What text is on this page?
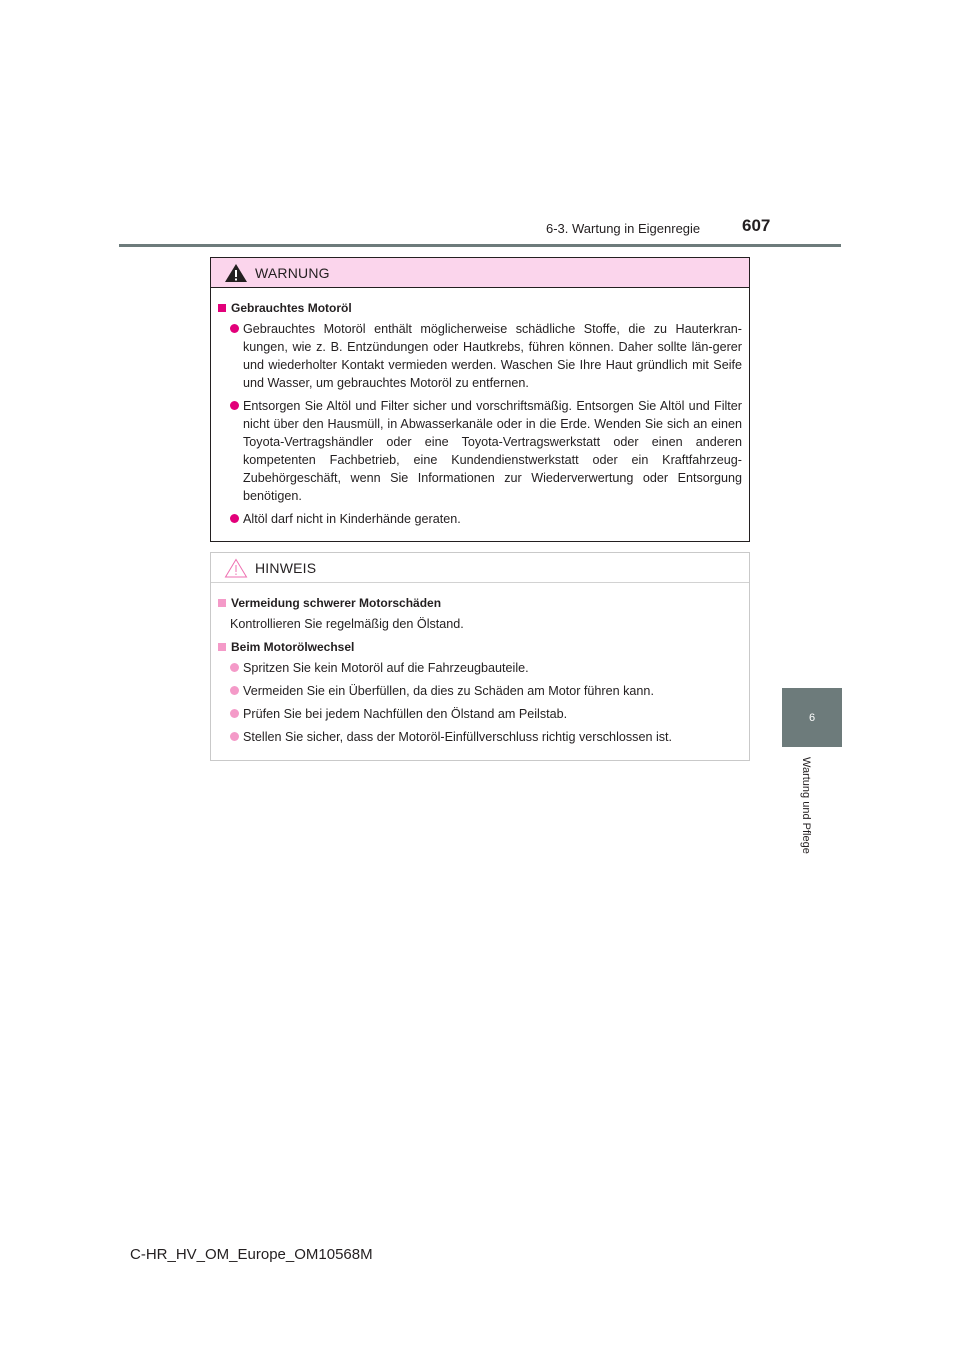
6-3. Wartung in Eigenregie 607
6
Wartung und Pflege
WARNUNG
Gebrauchtes Motoröl
Gebrauchtes Motoröl enthält möglicherweise schädliche Stoffe, die zu Hauterkran-kungen, wie z. B. Entzündungen oder Hautkrebs, führen können. Daher sollte län-gerer und wiederholter Kontakt vermieden werden. Waschen Sie Ihre Haut gründlich mit Seife und Wasser, um gebrauchtes Motoröl zu entfernen.
Entsorgen Sie Altöl und Filter sicher und vorschriftsmäßig. Entsorgen Sie Altöl und Filter nicht über den Hausmüll, in Abwasserkanäle oder in die Erde. Wenden Sie sich an einen Toyota-Vertragshändler oder eine Toyota-Vertragswerkstatt oder einen anderen kompetenten Fachbetrieb, eine Kundendienstwerkstatt oder ein Kraftfahrzeug-Zubehörgeschäft, wenn Sie Informationen zur Wiederverwertung oder Entsorgung benötigen.
Altöl darf nicht in Kinderhände geraten.
HINWEIS
Vermeidung schwerer Motorschäden
Kontrollieren Sie regelmäßig den Ölstand.
Beim Motorölwechsel
Spritzen Sie kein Motoröl auf die Fahrzeugbauteile.
Vermeiden Sie ein Überfüllen, da dies zu Schäden am Motor führen kann.
Prüfen Sie bei jedem Nachfüllen den Ölstand am Peilstab.
Stellen Sie sicher, dass der Motoröl-Einfüllverschluss richtig verschlossen ist.
C-HR_HV_OM_Europe_OM10568M
